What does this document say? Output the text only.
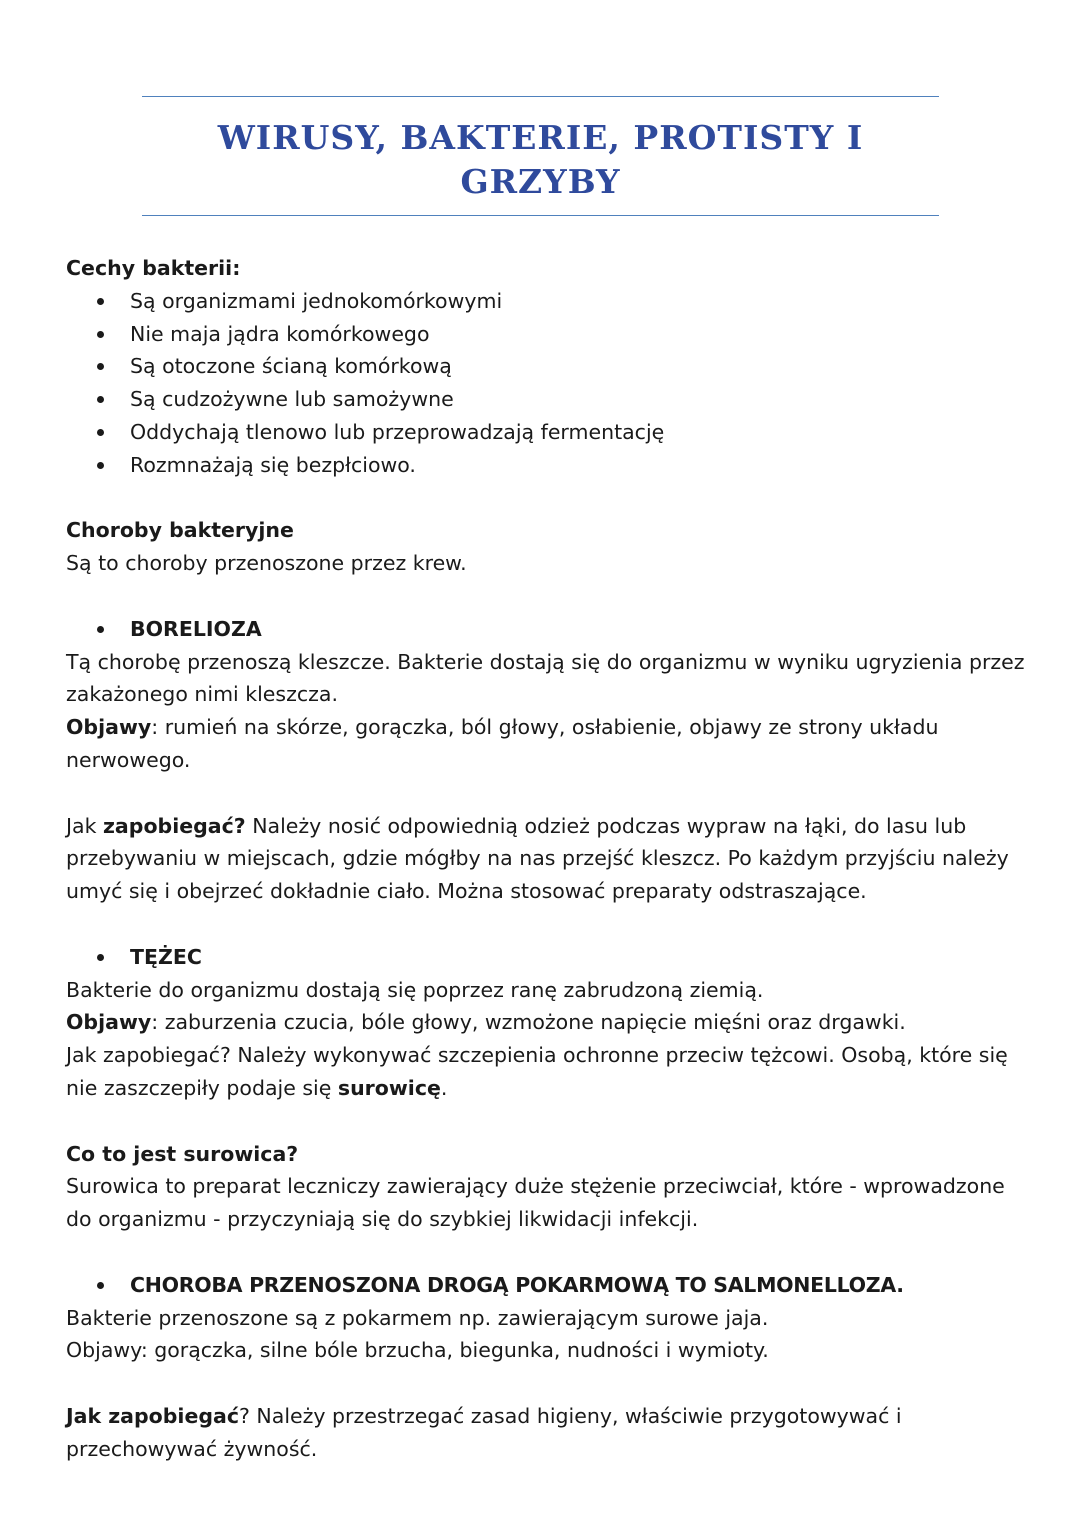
WIRUSY, BAKTERIE, PROTISTY I
GRZYBY

Cechy bakterii:

Są organizmami jednokomórkowymi
Nie maja jądra komórkowego
Są otoczone ścianą komórkową
Są cudzożywne lub samożywne
Oddychają tlenowo lub przeprowadzają fermentację
Rozmnażają się bezpłciowo.

Choroby bakteryjne

Są to choroby przenoszone przez krew.

BORELIOZA

Tą chorobę przenoszą kleszcze. Bakterie dostają się do organizmu w wyniku ugryzienia przez zakażonego nimi kleszcza.

Objawy: rumień na skórze, gorączka, ból głowy, osłabienie, objawy ze strony układu nerwowego.

Jak zapobiegać? Należy nosić odpowiednią odzież podczas wypraw na łąki, do lasu lub przebywaniu w miejscach, gdzie mógłby na nas przejść kleszcz. Po każdym przyjściu należy umyć się i obejrzeć dokładnie ciało. Można stosować preparaty odstraszające.

TĘŻEC

Bakterie do organizmu dostają się poprzez ranę zabrudzoną ziemią.

Objawy: zaburzenia czucia, bóle głowy, wzmożone napięcie mięśni oraz drgawki.

Jak zapobiegać? Należy wykonywać szczepienia ochronne przeciw tężcowi. Osobą, które się nie zaszczepiły podaje się surowicę.

Co to jest surowica?

Surowica to preparat leczniczy zawierający duże stężenie przeciwciał, które - wprowadzone do organizmu - przyczyniają się do szybkiej likwidacji infekcji.

CHOROBA PRZENOSZONA DROGĄ POKARMOWĄ TO SALMONELLOZA.

Bakterie przenoszone są z pokarmem np. zawierającym surowe jaja.

Objawy: gorączka, silne bóle brzucha, biegunka, nudności i wymioty.

Jak zapobiegać? Należy przestrzegać zasad higieny, właściwie przygotowywać i przechowywać żywność.
